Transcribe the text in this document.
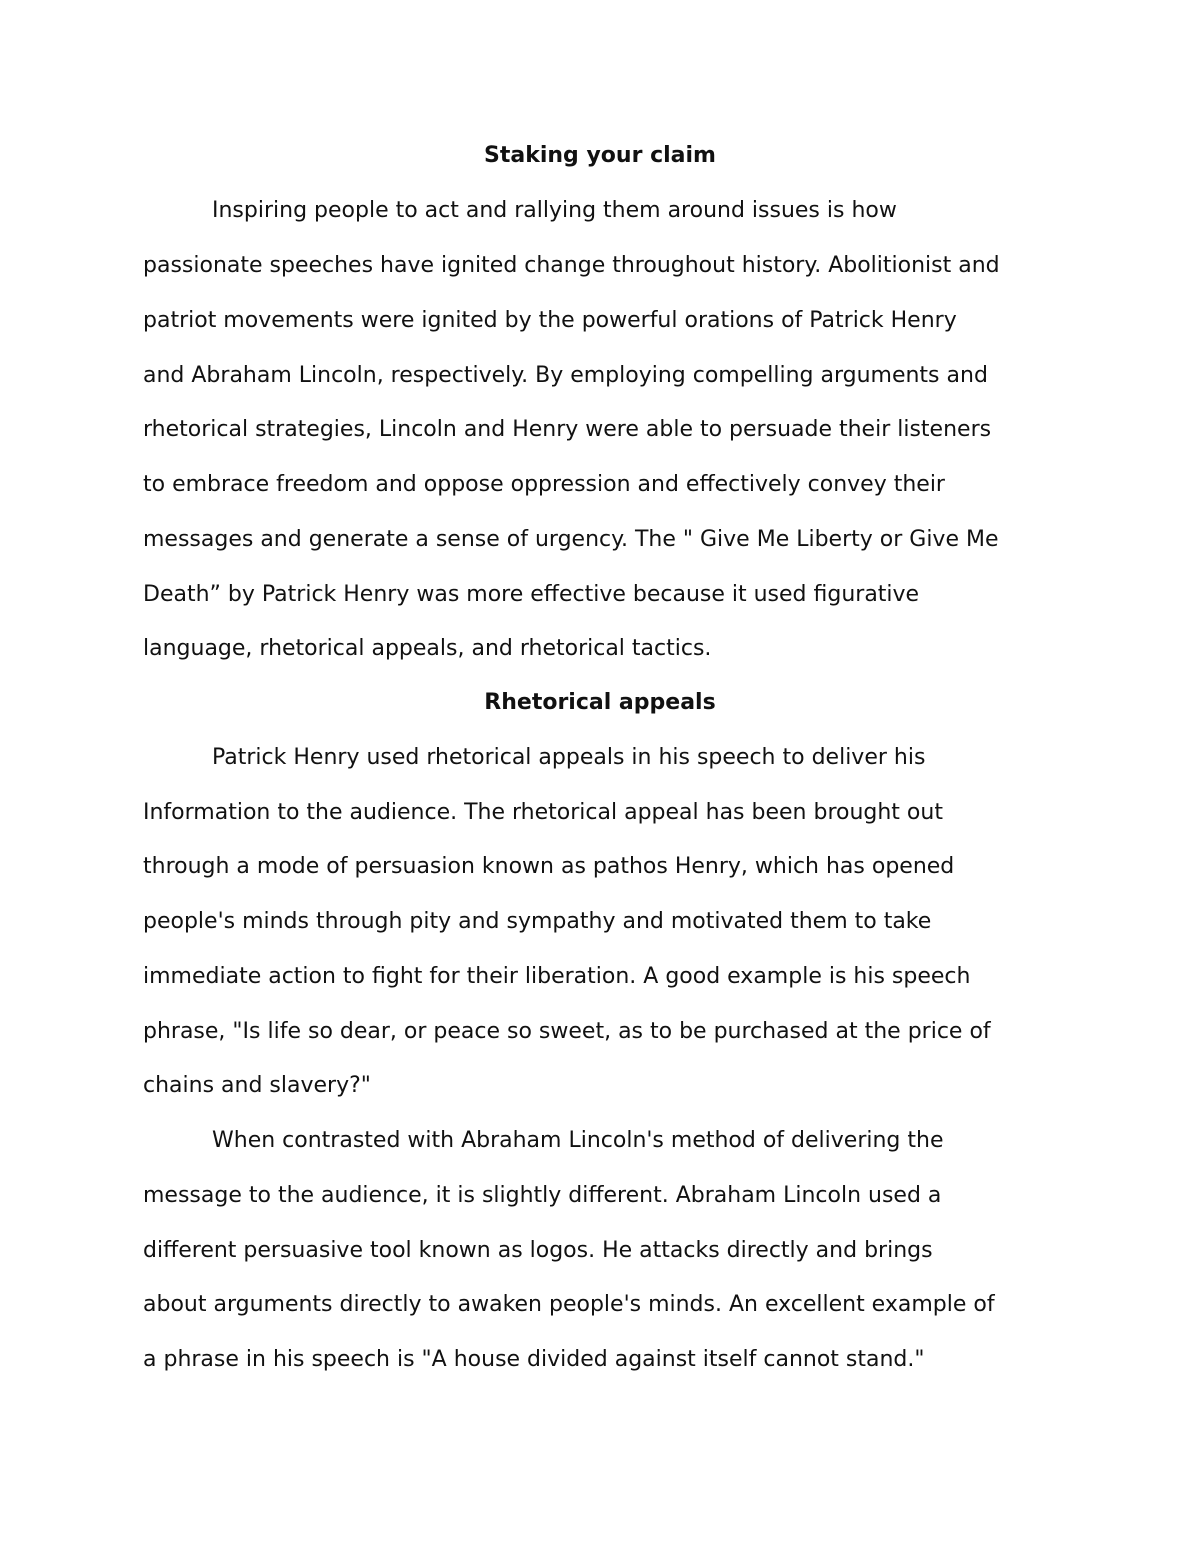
Staking your claim
Inspiring people to act and rallying them around issues is how
passionate speeches have ignited change throughout history. Abolitionist and
patriot movements were ignited by the powerful orations of Patrick Henry
and Abraham Lincoln, respectively. By employing compelling arguments and
rhetorical strategies, Lincoln and Henry were able to persuade their listeners
to embrace freedom and oppose oppression and effectively convey their
messages and generate a sense of urgency. The " Give Me Liberty or Give Me
Death” by Patrick Henry was more effective because it used figurative
language, rhetorical appeals, and rhetorical tactics.
Rhetorical appeals
Patrick Henry used rhetorical appeals in his speech to deliver his
Information to the audience. The rhetorical appeal has been brought out
through a mode of persuasion known as pathos Henry, which has opened
people's minds through pity and sympathy and motivated them to take
immediate action to fight for their liberation. A good example is his speech
phrase, "Is life so dear, or peace so sweet, as to be purchased at the price of
chains and slavery?"
When contrasted with Abraham Lincoln's method of delivering the
message to the audience, it is slightly different. Abraham Lincoln used a
different persuasive tool known as logos. He attacks directly and brings
about arguments directly to awaken people's minds. An excellent example of
a phrase in his speech is "A house divided against itself cannot stand."
